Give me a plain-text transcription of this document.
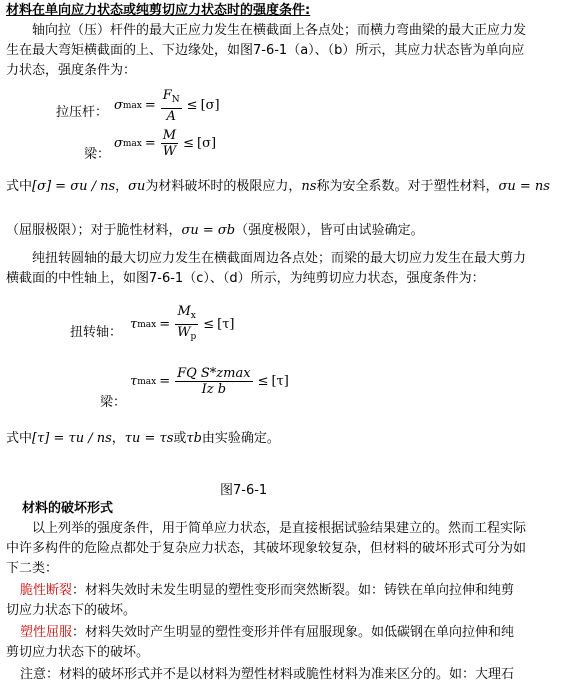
材料在单向应力状态或纯剪切应力状态时的强度条件:
轴向拉（压）杆件的最大正应力发生在横截面上各点处；而横力弯曲梁的最大正应力发
生在最大弯矩横截面的上、下边缘处，如图7-6-1（a）、（b）所示，其应力状态皆为单向应
力状态，强度条件为：
拉压杆： σ $\max = \frac{F_N}{A} \le [\sigma]$
梁：
σ $\max = \frac{M}{W} \le [\sigma]$
式中[σ] = σu / ns，σu为材料破坏时的极限应力，ns称为安全系数。对于塑性材料，σu = ns
（屈服极限）；对于脆性材料，σu = σb（强度极限），皆可由试验确定。
纯扭转圆轴的最大切应力发生在横截面周边各点处；而梁的最大切应力发生在最大剪力
横截面的中性轴上，如图7-6-1（c）、（d）所示，为纯剪切应力状态，强度条件为：
扭转轴：
τ $\max = \frac{M_x}{W_p} \le [\tau]$
梁：
τ $\max = \frac{\text{FQ S*zmax}}{\text{Iz b}} \le [\tau]$
式中[τ] = τu / ns，τu = τs或τb由实验确定。
图7-6-1
材料的破坏形式
以上列举的强度条件，用于简单应力状态，是直接根据试验结果建立的。然而工程实际
中许多构件的危险点都处于复杂应力状态，其破坏现象较复杂，但材料的破坏形式可分为如
下二类：
脆性断裂：材料失效时未发生明显的塑性变形而突然断裂。如：铸铁在单向拉伸和纯剪
切应力状态下的破坏。
塑性屈服：材料失效时产生明显的塑性变形并伴有屈服现象。如低碳钢在单向拉伸和纯
剪切应力状态下的破坏。
注意：材料的破坏形式并不是以材料为塑性材料或脆性材料为准来区分的。如：大理石
